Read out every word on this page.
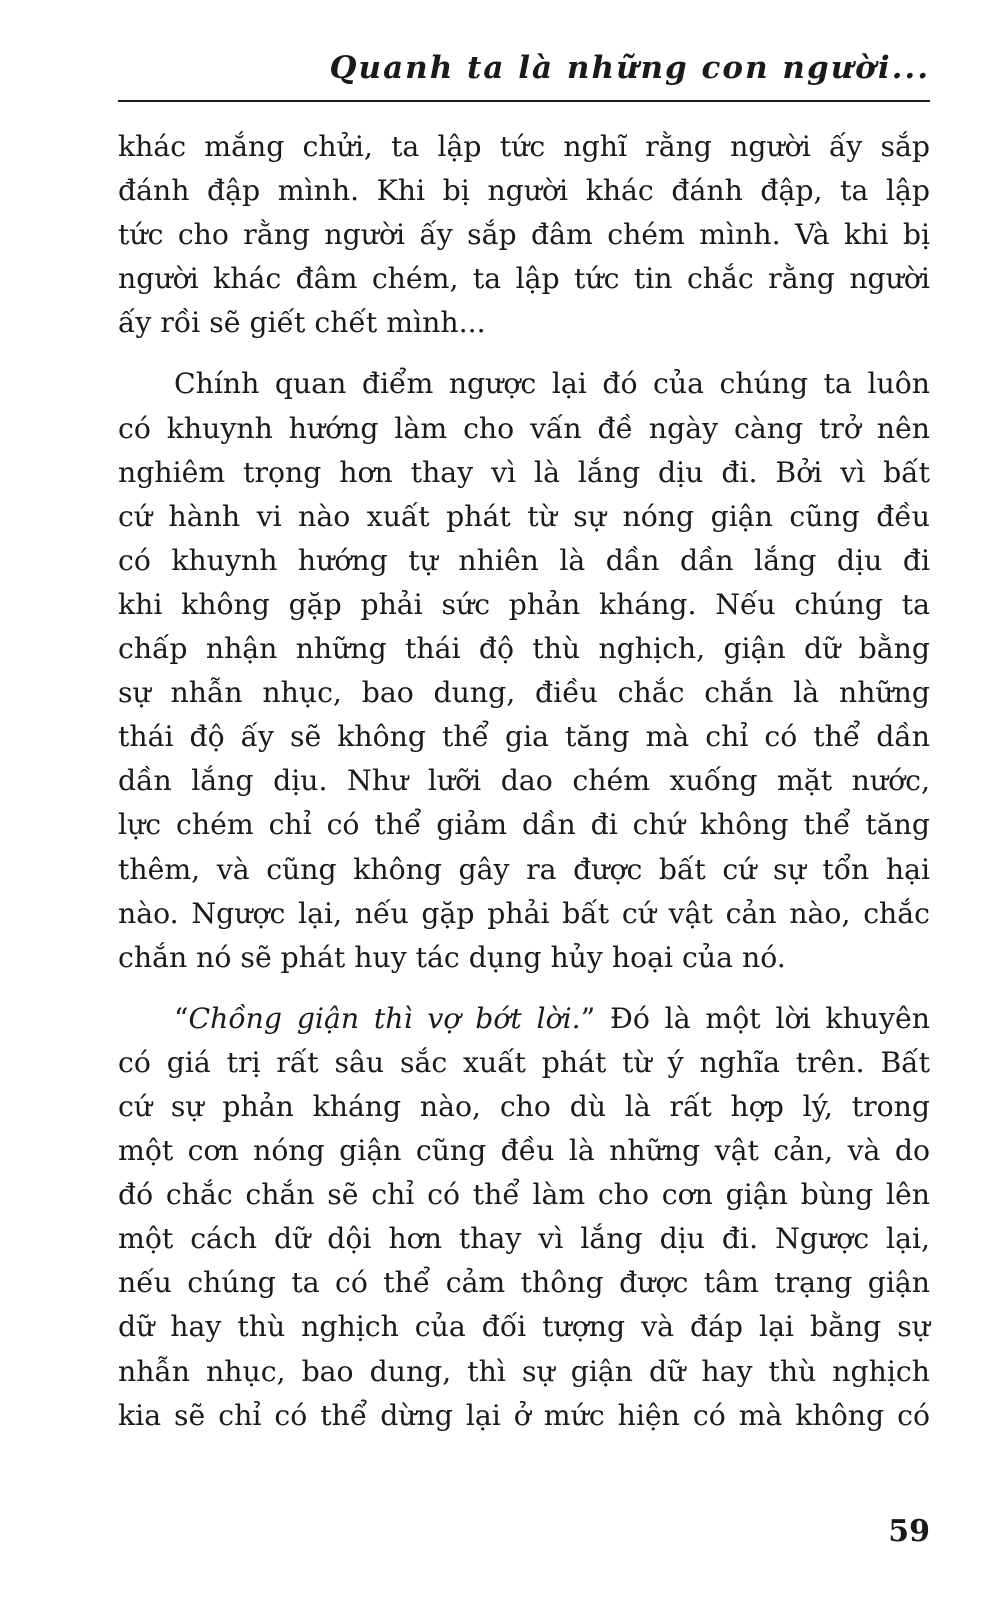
Quanh ta là những con người...

khác mắng chửi, ta lập tức nghĩ rằng người ấy sắp

đánh đập mình. Khi bị người khác đánh đập, ta lập

tức cho rằng người ấy sắp đâm chém mình. Và khi bị

người khác đâm chém, ta lập tức tin chắc rằng người

ấy rồi sẽ giết chết mình...

Chính quan điểm ngược lại đó của chúng ta luôn

có khuynh hướng làm cho vấn đề ngày càng trở nên

nghiêm trọng hơn thay vì là lắng dịu đi. Bởi vì bất

cứ hành vi nào xuất phát từ sự nóng giận cũng đều

có khuynh hướng tự nhiên là dần dần lắng dịu đi

khi không gặp phải sức phản kháng. Nếu chúng ta

chấp nhận những thái độ thù nghịch, giận dữ bằng

sự nhẫn nhục, bao dung, điều chắc chắn là những

thái độ ấy sẽ không thể gia tăng mà chỉ có thể dần

dần lắng dịu. Như lưỡi dao chém xuống mặt nước,

lực chém chỉ có thể giảm dần đi chứ không thể tăng

thêm, và cũng không gây ra được bất cứ sự tổn hại

nào. Ngược lại, nếu gặp phải bất cứ vật cản nào, chắc

chắn nó sẽ phát huy tác dụng hủy hoại của nó.

“Chồng giận thì vợ bớt lời.” Đó là một lời khuyên

có giá trị rất sâu sắc xuất phát từ ý nghĩa trên. Bất

cứ sự phản kháng nào, cho dù là rất hợp lý, trong

một cơn nóng giận cũng đều là những vật cản, và do

đó chắc chắn sẽ chỉ có thể làm cho cơn giận bùng lên

một cách dữ dội hơn thay vì lắng dịu đi. Ngược lại,

nếu chúng ta có thể cảm thông được tâm trạng giận

dữ hay thù nghịch của đối tượng và đáp lại bằng sự

nhẫn nhục, bao dung, thì sự giận dữ hay thù nghịch

kia sẽ chỉ có thể dừng lại ở mức hiện có mà không có

59
